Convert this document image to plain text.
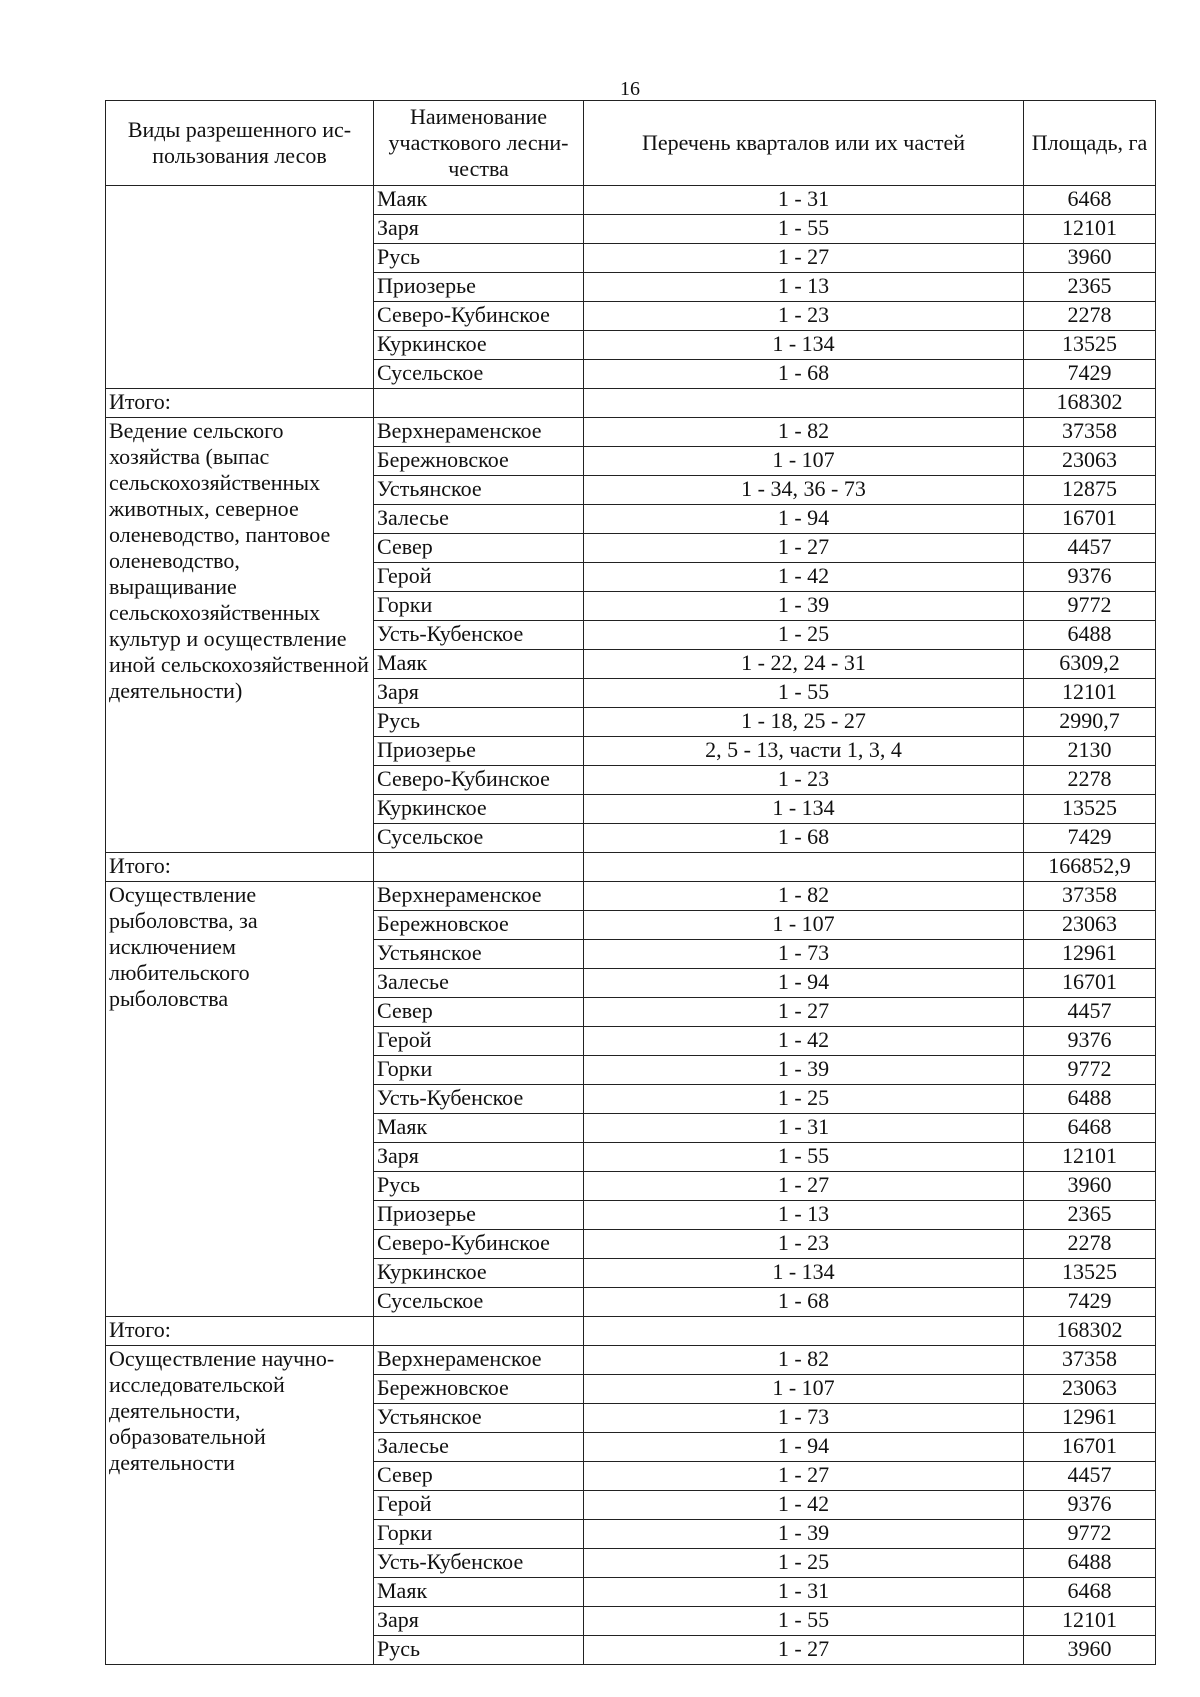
16
Виды разрешенного ис-пользования лесов	Наименование участкового лесни-чества	Перечень кварталов или их частей	Площадь, га
	Маяк	1 - 31	6468
	Заря	1 - 55	12101
	Русь	1 - 27	3960
	Приозерье	1 - 13	2365
	Северо-Кубинское	1 - 23	2278
	Куркинское	1 - 134	13525
	Сусельское	1 - 68	7429
Итого:			168302
Ведение сельского хозяйства (выпас сельскохозяйственных животных, северное оленеводство, пантовое оленеводство, выращивание сельскохозяйственных культур и осуществление иной сельскохозяйственной деятельности)	Верхнераменское	1 - 82	37358
	Бережновское	1 - 107	23063
	Устьянское	1 - 34, 36 - 73	12875
	Залесье	1 - 94	16701
	Север	1 - 27	4457
	Герой	1 - 42	9376
	Горки	1 - 39	9772
	Усть-Кубенское	1 - 25	6488
	Маяк	1 - 22, 24 - 31	6309,2
	Заря	1 - 55	12101
	Русь	1 - 18, 25 - 27	2990,7
	Приозерье	2, 5 - 13, части 1, 3, 4	2130
	Северо-Кубинское	1 - 23	2278
	Куркинское	1 - 134	13525
	Сусельское	1 - 68	7429
Итого:			166852,9
Осуществление рыболовства, за исключением любительского рыболовства	Верхнераменское	1 - 82	37358
	Бережновское	1 - 107	23063
	Устьянское	1 - 73	12961
	Залесье	1 - 94	16701
	Север	1 - 27	4457
	Герой	1 - 42	9376
	Горки	1 - 39	9772
	Усть-Кубенское	1 - 25	6488
	Маяк	1 - 31	6468
	Заря	1 - 55	12101
	Русь	1 - 27	3960
	Приозерье	1 - 13	2365
	Северо-Кубинское	1 - 23	2278
	Куркинское	1 - 134	13525
	Сусельское	1 - 68	7429
Итого:			168302
Осуществление научно-исследовательской деятельности, образовательной деятельности	Верхнераменское	1 - 82	37358
	Бережновское	1 - 107	23063
	Устьянское	1 - 73	12961
	Залесье	1 - 94	16701
	Север	1 - 27	4457
	Герой	1 - 42	9376
	Горки	1 - 39	9772
	Усть-Кубенское	1 - 25	6488
	Маяк	1 - 31	6468
	Заря	1 - 55	12101
	Русь	1 - 27	3960
